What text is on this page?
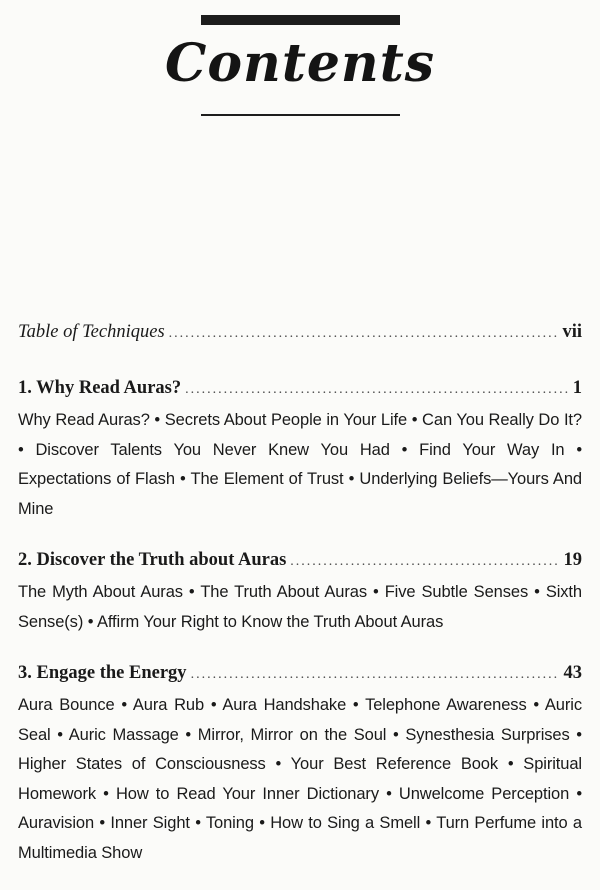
Contents
Table of Techniques .....	vii
1. Why Read Auras? .....	1

Why Read Auras? • Secrets About People in Your Life • Can You Really Do It? • Discover Talents You Never Knew You Had • Find Your Way In • Expectations of Flash • The Element of Trust • Underlying Beliefs—Yours And Mine

2. Discover the Truth about Auras .....	19

The Myth About Auras • The Truth About Auras • Five Subtle Senses • Sixth Sense(s) • Affirm Your Right to Know the Truth About Auras

3. Engage the Energy .....	43

Aura Bounce • Aura Rub • Aura Handshake • Telephone Awareness • Auric Seal • Auric Massage • Mirror, Mirror on the Soul • Synesthesia Surprises • Higher States of Consciousness • Your Best Reference Book • Spiritual Homework • How to Read Your Inner Dictionary • Unwelcome Perception • Auravision • Inner Sight • Toning • How to Sing a Smell • Turn Perfume into a Multimedia Show
